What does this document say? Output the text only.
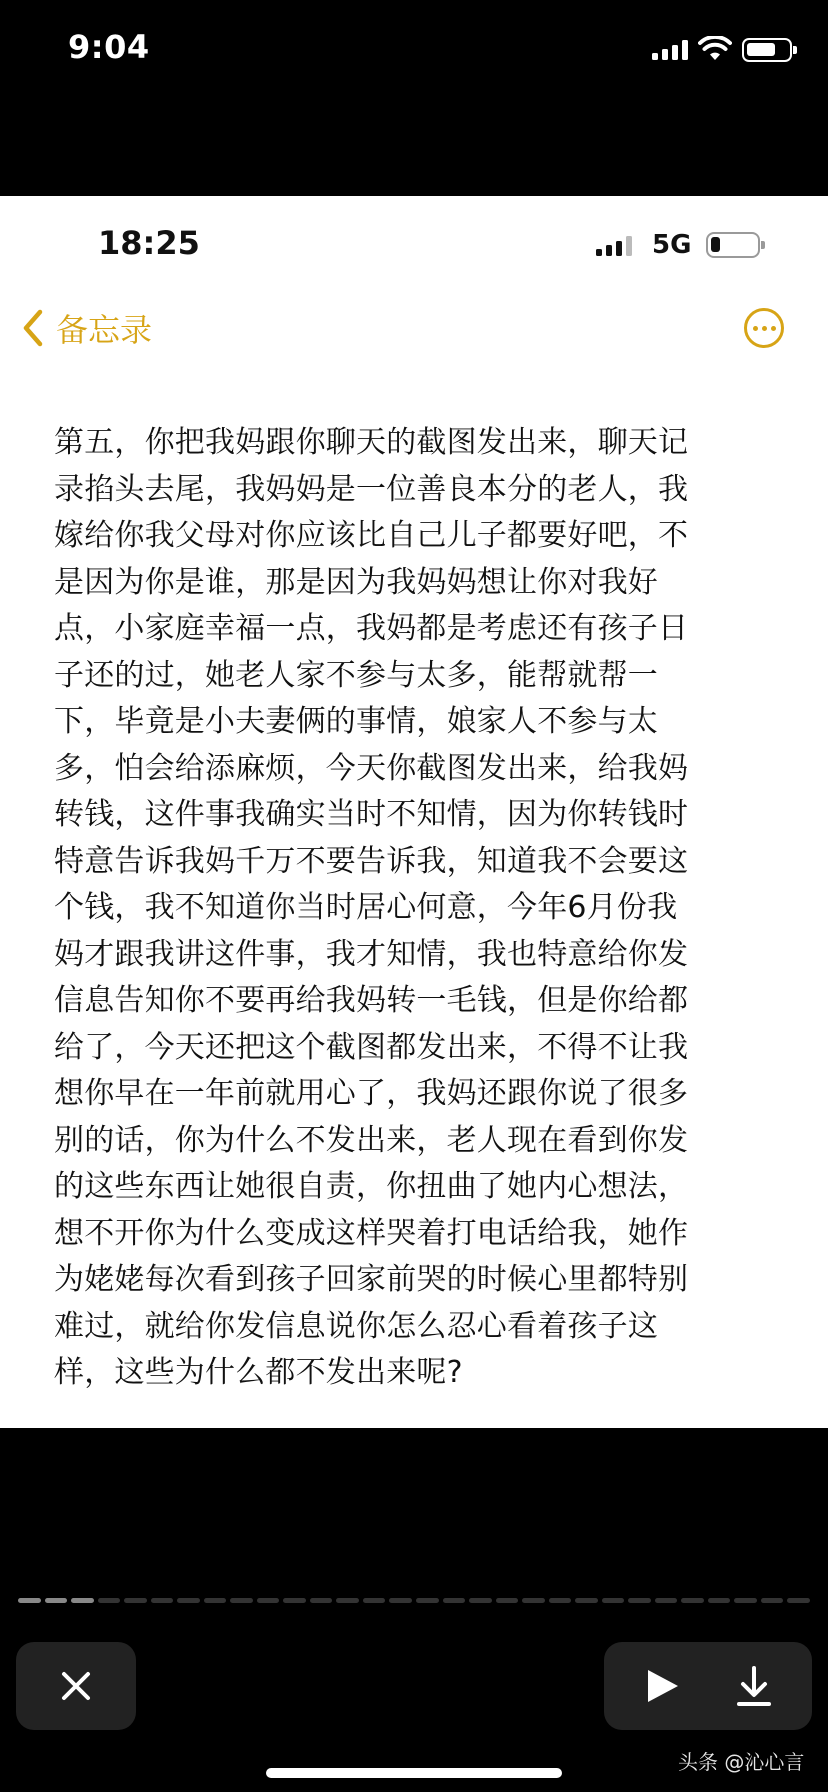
9:04
18:25	5G
备忘录
第五，你把我妈跟你聊天的截图发出来，聊天记
录掐头去尾，我妈妈是一位善良本分的老人，我
嫁给你我父母对你应该比自己儿子都要好吧，不
是因为你是谁，那是因为我妈妈想让你对我好
点，小家庭幸福一点，我妈都是考虑还有孩子日
子还的过，她老人家不参与太多，能帮就帮一
下，毕竟是小夫妻俩的事情，娘家人不参与太
多，怕会给添麻烦，今天你截图发出来，给我妈
转钱，这件事我确实当时不知情，因为你转钱时
特意告诉我妈千万不要告诉我，知道我不会要这
个钱，我不知道你当时居心何意，今年6月份我
妈才跟我讲这件事，我才知情，我也特意给你发
信息告知你不要再给我妈转一毛钱，但是你给都
给了，今天还把这个截图都发出来，不得不让我
想你早在一年前就用心了，我妈还跟你说了很多
别的话，你为什么不发出来，老人现在看到你发
的这些东西让她很自责，你扭曲了她内心想法，
想不开你为什么变成这样哭着打电话给我，她作
为姥姥每次看到孩子回家前哭的时候心里都特别
难过，就给你发信息说你怎么忍心看着孩子这
样，这些为什么都不发出来呢?
头条 @沁心言
